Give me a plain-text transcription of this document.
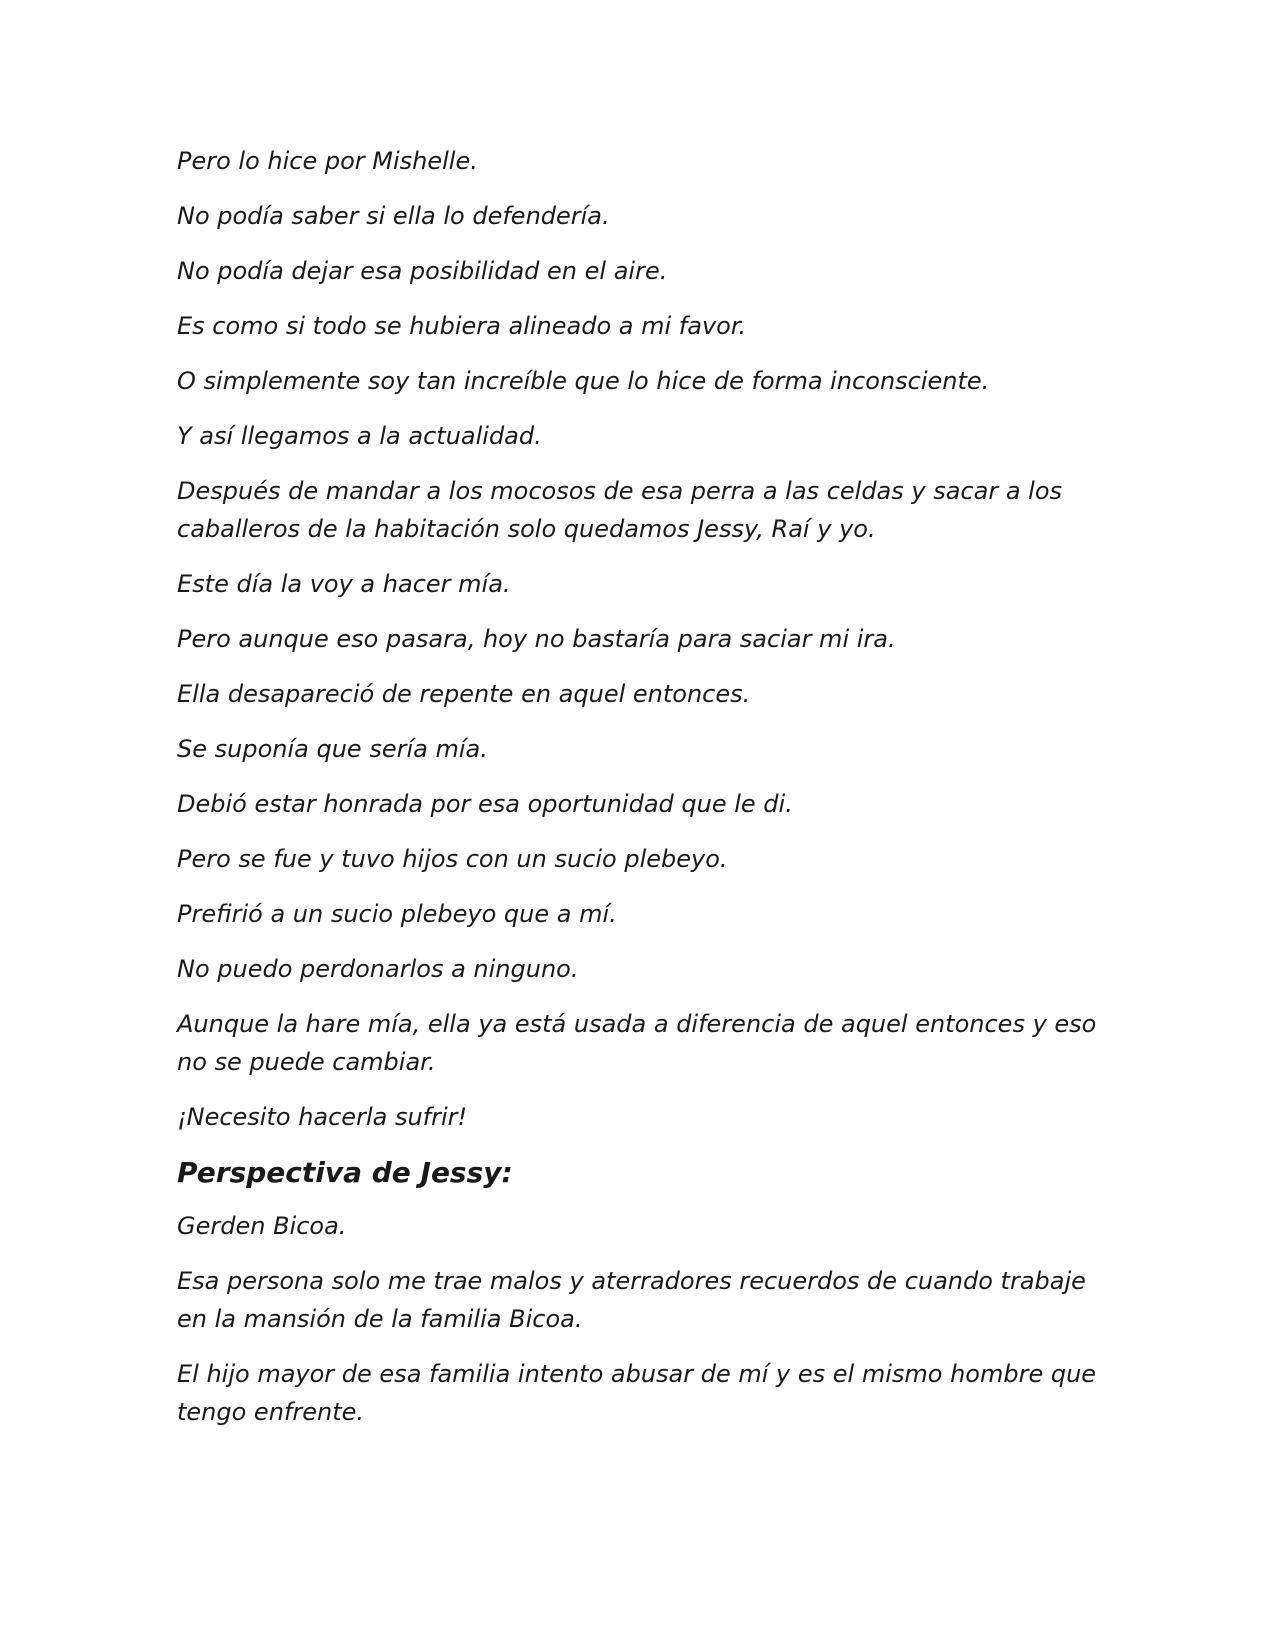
Pero lo hice por Mishelle.

No podía saber si ella lo defendería.

No podía dejar esa posibilidad en el aire.

Es como si todo se hubiera alineado a mi favor.

O simplemente soy tan increíble que lo hice de forma inconsciente.

Y así llegamos a la actualidad.

Después de mandar a los mocosos de esa perra a las celdas y sacar a los caballeros de la habitación solo quedamos Jessy, Raí y yo.

Este día la voy a hacer mía.

Pero aunque eso pasara, hoy no bastaría para saciar mi ira.

Ella desapareció de repente en aquel entonces.

Se suponía que sería mía.

Debió estar honrada por esa oportunidad que le di.

Pero se fue y tuvo hijos con un sucio plebeyo.

Prefirió a un sucio plebeyo que a mí.

No puedo perdonarlos a ninguno.

Aunque la hare mía, ella ya está usada a diferencia de aquel entonces y eso no se puede cambiar.

¡Necesito hacerla sufrir!

Perspectiva de Jessy:

Gerden Bicoa.

Esa persona solo me trae malos y aterradores recuerdos de cuando trabaje en la mansión de la familia Bicoa.

El hijo mayor de esa familia intento abusar de mí y es el mismo hombre que tengo enfrente.
